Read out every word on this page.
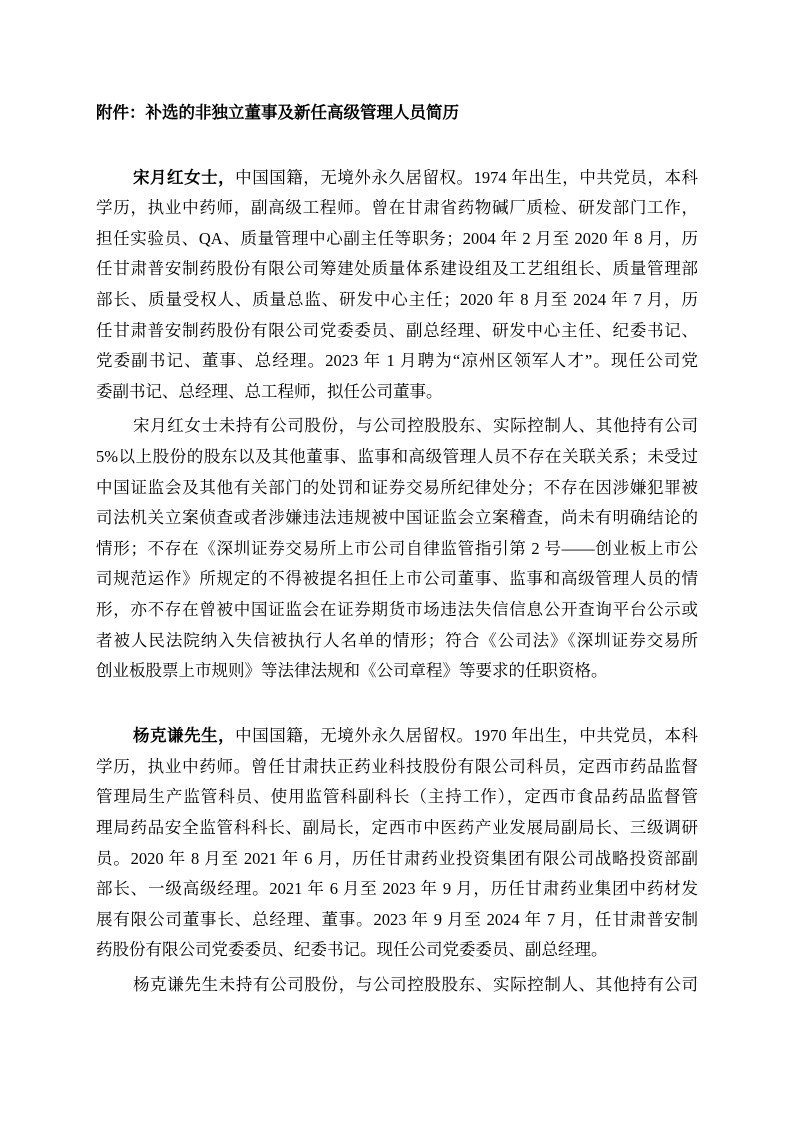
附件：补选的非独立董事及新任高级管理人员简历
宋月红女士，中国国籍，无境外永久居留权。1974 年出生，中共党员，本科
学历，执业中药师，副高级工程师。曾在甘肃省药物碱厂质检、研发部门工作，
担任实验员、QA、质量管理中心副主任等职务；2004 年 2 月至 2020 年 8 月，历
任甘肃普安制药股份有限公司筹建处质量体系建设组及工艺组组长、质量管理部
部长、质量受权人、质量总监、研发中心主任；2020 年 8 月至 2024 年 7 月，历
任甘肃普安制药股份有限公司党委委员、副总经理、研发中心主任、纪委书记、
党委副书记、董事、总经理。2023 年 1 月聘为“凉州区领军人才”。现任公司党
委副书记、总经理、总工程师，拟任公司董事。
宋月红女士未持有公司股份，与公司控股股东、实际控制人、其他持有公司
5%以上股份的股东以及其他董事、监事和高级管理人员不存在关联关系；未受过
中国证监会及其他有关部门的处罚和证券交易所纪律处分；不存在因涉嫌犯罪被
司法机关立案侦查或者涉嫌违法违规被中国证监会立案稽查，尚未有明确结论的
情形；不存在《深圳证券交易所上市公司自律监管指引第 2 号——创业板上市公
司规范运作》所规定的不得被提名担任上市公司董事、监事和高级管理人员的情
形，亦不存在曾被中国证监会在证券期货市场违法失信信息公开查询平台公示或
者被人民法院纳入失信被执行人名单的情形；符合《公司法》《深圳证券交易所
创业板股票上市规则》等法律法规和《公司章程》等要求的任职资格。
杨克谦先生，中国国籍，无境外永久居留权。1970 年出生，中共党员，本科
学历，执业中药师。曾任甘肃扶正药业科技股份有限公司科员，定西市药品监督
管理局生产监管科员、使用监管科副科长（主持工作），定西市食品药品监督管
理局药品安全监管科科长、副局长，定西市中医药产业发展局副局长、三级调研
员。2020 年 8 月至 2021 年 6 月，历任甘肃药业投资集团有限公司战略投资部副
部长、一级高级经理。2021 年 6 月至 2023 年 9 月，历任甘肃药业集团中药材发
展有限公司董事长、总经理、董事。2023 年 9 月至 2024 年 7 月，任甘肃普安制
药股份有限公司党委委员、纪委书记。现任公司党委委员、副总经理。
杨克谦先生未持有公司股份，与公司控股股东、实际控制人、其他持有公司
